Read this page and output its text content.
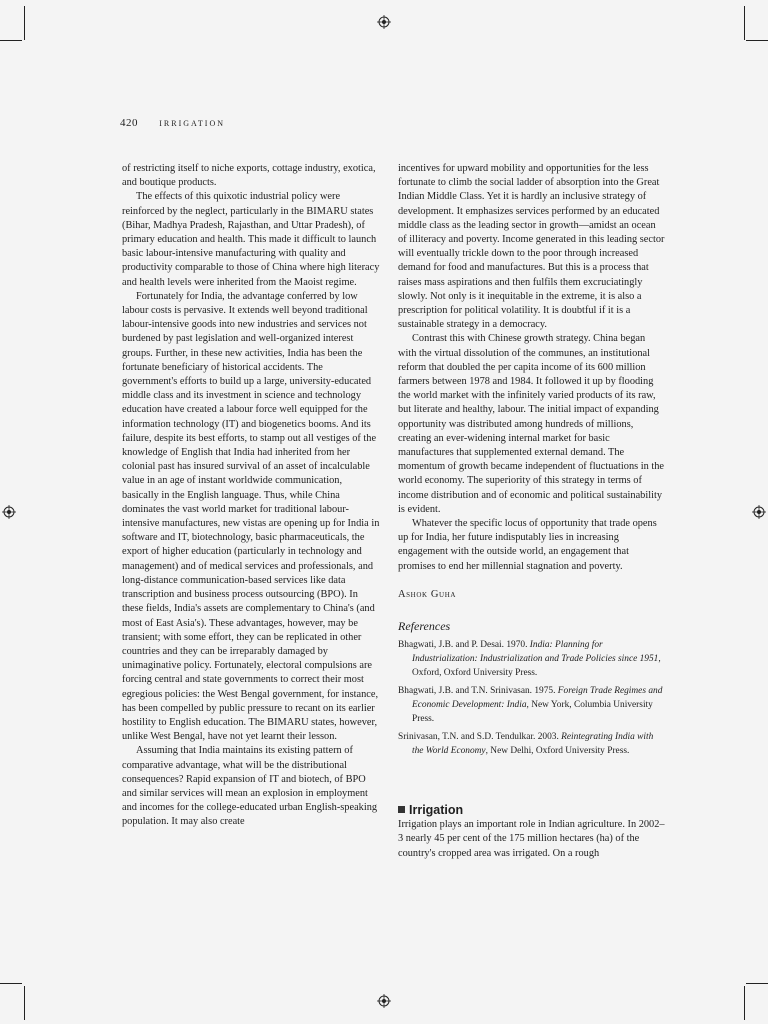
420 irrigation

of restricting itself to niche exports, cottage industry, exotica, and boutique products.

The effects of this quixotic industrial policy were reinforced by the neglect, particularly in the BIMARU states (Bihar, Madhya Pradesh, Rajasthan, and Uttar Pradesh), of primary education and health. This made it difficult to launch basic labour-intensive manufacturing with quality and productivity comparable to those of China where high literacy and health levels were inherited from the Maoist regime.

Fortunately for India, the advantage conferred by low labour costs is pervasive. It extends well beyond traditional labour-intensive goods into new industries and services not burdened by past legislation and well-organized interest groups. Further, in these new activities, India has been the fortunate beneficiary of historical accidents. The government's efforts to build up a large, university-educated middle class and its investment in science and technology education have created a labour force well equipped for the information technology (IT) and biogenetics booms. And its failure, despite its best efforts, to stamp out all vestiges of the knowledge of English that India had inherited from her colonial past has insured survival of an asset of incalculable value in an age of instant worldwide communication, basically in the English language. Thus, while China dominates the vast world market for traditional labour-intensive manufactures, new vistas are opening up for India in software and IT, biotechnology, basic pharmaceuticals, the export of higher education (particularly in technology and management) and of medical services and professionals, and long-distance communication-based services like data transcription and business process outsourcing (BPO). In these fields, India's assets are complementary to China's (and most of East Asia's). These advantages, however, may be transient; with some effort, they can be replicated in other countries and they can be irreparably damaged by unimaginative policy. Fortunately, electoral compulsions are forcing central and state governments to correct their most egregious policies: the West Bengal government, for instance, has been compelled by public pressure to recant on its earlier hostility to English education. The BIMARU states, however, unlike West Bengal, have not yet learnt their lesson.

Assuming that India maintains its existing pattern of comparative advantage, what will be the distributional consequences? Rapid expansion of IT and biotech, of BPO and similar services will mean an explosion in employment and incomes for the college-educated urban English-speaking population. It may also create

incentives for upward mobility and opportunities for the less fortunate to climb the social ladder of absorption into the Great Indian Middle Class. Yet it is hardly an inclusive strategy of development. It emphasizes services performed by an educated middle class as the leading sector in growth—amidst an ocean of illiteracy and poverty. Income generated in this leading sector will eventually trickle down to the poor through increased demand for food and manufactures. But this is a process that raises mass aspirations and then fulfils them excruciatingly slowly. Not only is it inequitable in the extreme, it is also a prescription for political volatility. It is doubtful if it is a sustainable strategy in a democracy.

Contrast this with Chinese growth strategy. China began with the virtual dissolution of the communes, an institutional reform that doubled the per capita income of its 600 million farmers between 1978 and 1984. It followed it up by flooding the world market with the infinitely varied products of its raw, but literate and healthy, labour. The initial impact of expanding opportunity was distributed among hundreds of millions, creating an ever-widening internal market for basic manufactures that supplemented external demand. The momentum of growth became independent of fluctuations in the world economy. The superiority of this strategy in terms of income distribution and of economic and political sustainability is evident.

Whatever the specific locus of opportunity that trade opens up for India, her future indisputably lies in increasing engagement with the outside world, an engagement that promises to end her millennial stagnation and poverty.

Ashok Guha
References
Bhagwati, J.B. and P. Desai. 1970. India: Planning for Industrialization: Industrialization and Trade Policies since 1951, Oxford, Oxford University Press.
Bhagwati, J.B. and T.N. Srinivasan. 1975. Foreign Trade Regimes and Economic Development: India, New York, Columbia University Press.
Srinivasan, T.N. and S.D. Tendulkar. 2003. Reintegrating India with the World Economy, New Delhi, Oxford University Press.
Irrigation

Irrigation plays an important role in Indian agriculture. In 2002–3 nearly 45 per cent of the 175 million hectares (ha) of the country's cropped area was irrigated. On a rough
